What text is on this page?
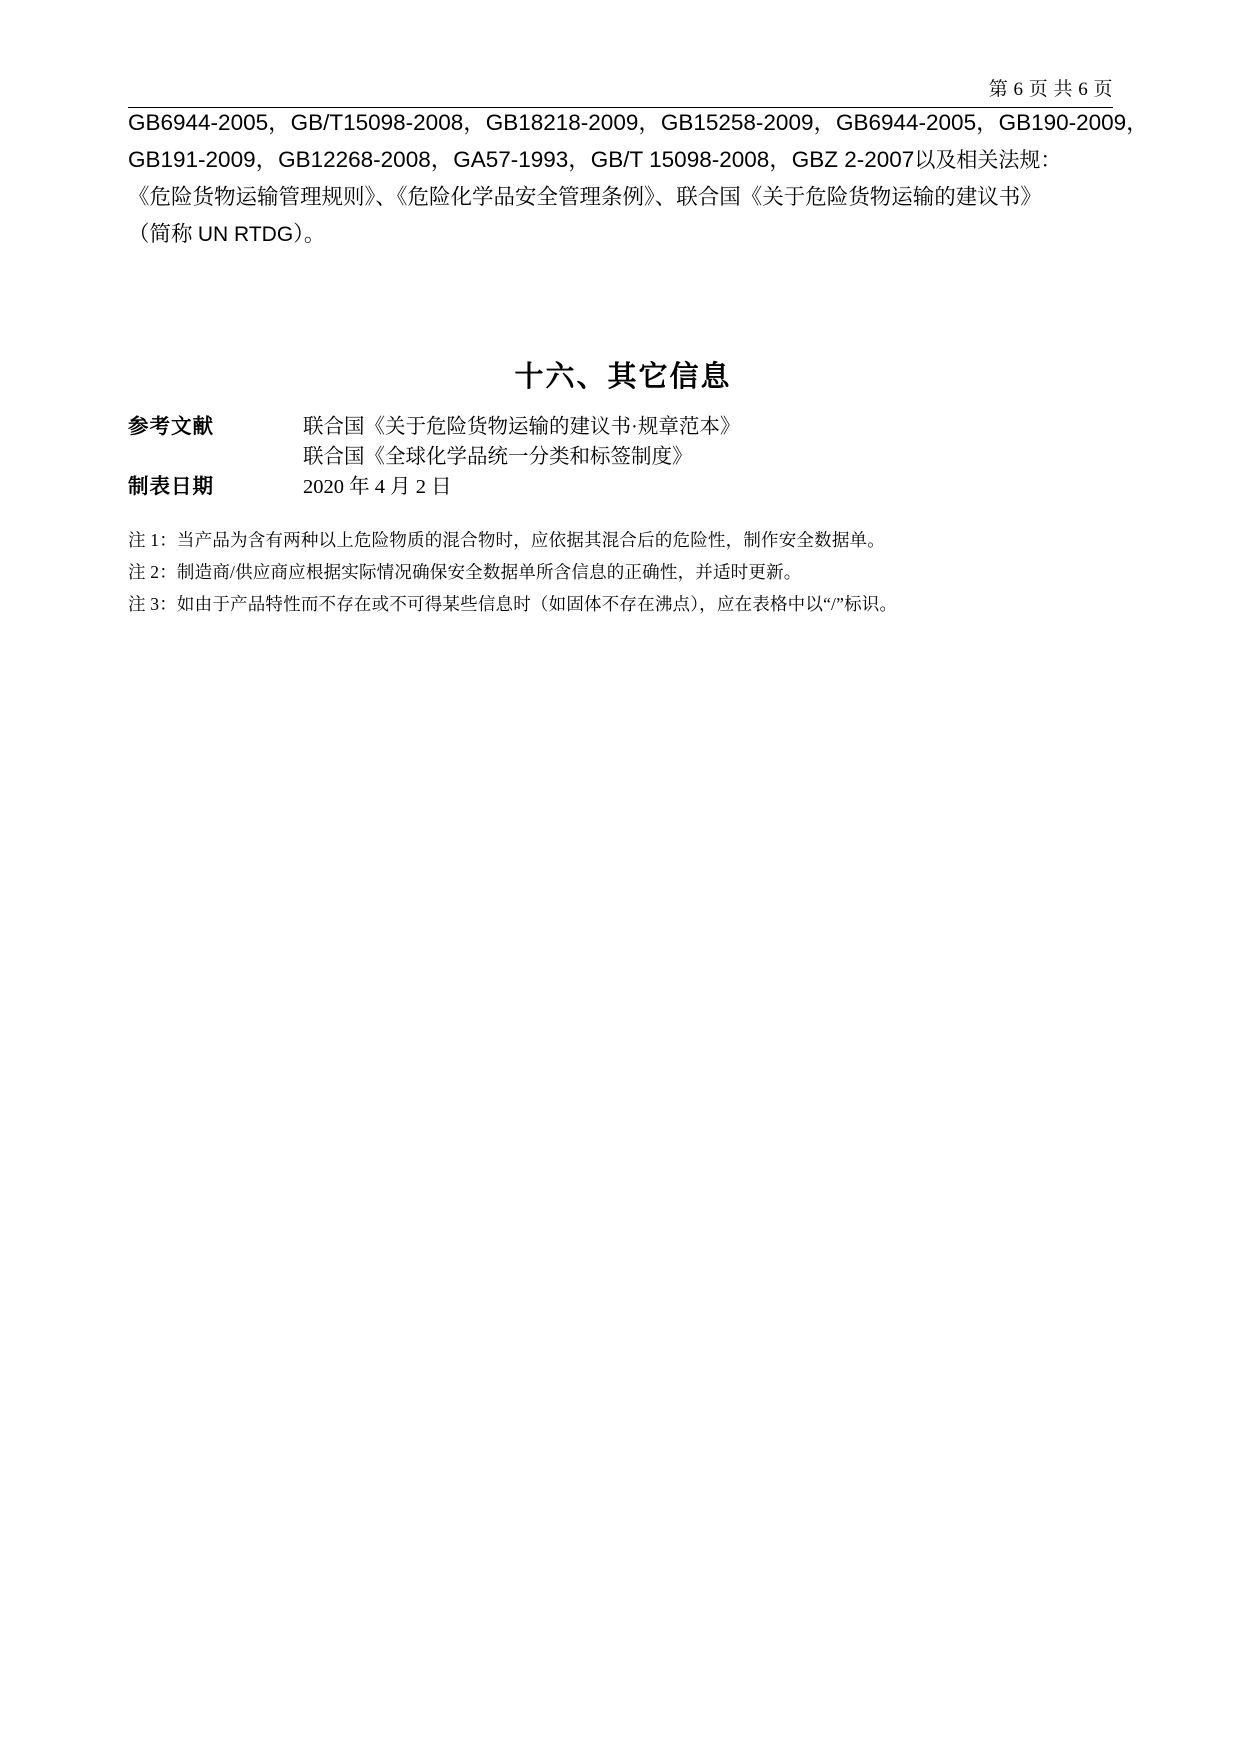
第 6 页 共 6 页
GB6944-2005，GB/T15098-2008，GB18218-2009，GB15258-2009，GB6944-2005，GB190-2009，
GB191-2009，GB12268-2008，GA57-1993，GB/T 15098-2008，GBZ 2-2007以及相关法规：
《危险货物运输管理规则》、《危险化学品安全管理条例》、联合国《关于危险货物运输的建议书》
（简称 UN RTDG）。
十六、其它信息
参考文献	联合国《关于危险货物运输的建议书·规章范本》
联合国《全球化学品统一分类和标签制度》

制表日期	2020 年 4 月 2 日
注 1：当产品为含有两种以上危险物质的混合物时，应依据其混合后的危险性，制作安全数据单。
注 2：制造商/供应商应根据实际情况确保安全数据单所含信息的正确性，并适时更新。
注 3：如由于产品特性而不存在或不可得某些信息时（如固体不存在沸点），应在表格中以“/”标识。
